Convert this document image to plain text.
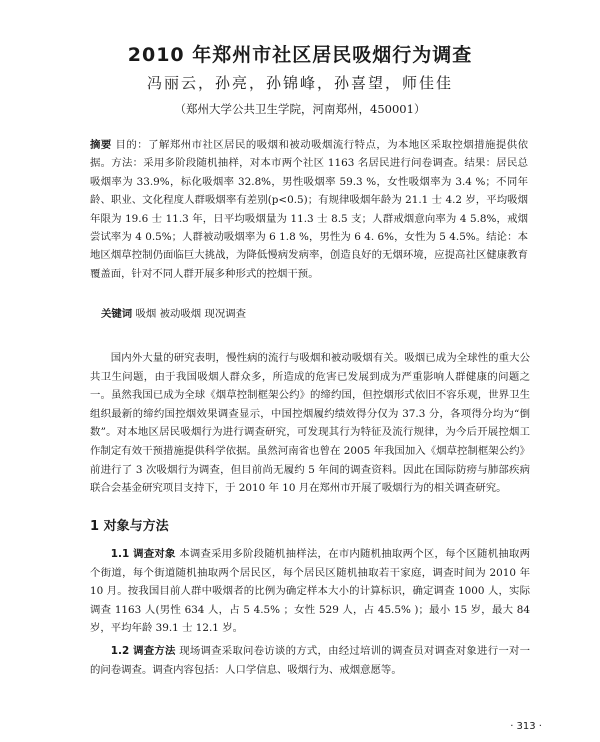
2010 年郑州市社区居民吸烟行为调查
冯丽云，孙亮，孙锦峰，孙喜望，师佳佳
（郑州大学公共卫生学院，河南郑州，450001）
摘要 目的：了解郑州市社区居民的吸烟和被动吸烟流行特点，为本地区采取控烟措施提供依据。方法：采用多阶段随机抽样，对本市两个社区 1163 名居民进行问卷调查。结果：居民总吸烟率为 33.9%，标化吸烟率 32.8%，男性吸烟率 59.3 %，女性吸烟率为 3.4 %；不同年龄、职业、文化程度人群吸烟率有差别(p<0.5)；有规律吸烟年龄为 21.1 士 4.2 岁，平均吸烟年限为 19.6 士 11.3 年，日平均吸烟量为 11.3 士 8.5 支；人群戒烟意向率为 4 5.8%，戒烟尝试率为 4 0.5%；人群被动吸烟率为 6 1.8 %，男性为 6 4. 6%，女性为 5 4.5%。结论：本地区烟草控制仍面临巨大挑战，为降低慢病发病率，创造良好的无烟环境，应提高社区健康教育覆盖面，针对不同人群开展多种形式的控烟干预。
关键词 吸烟 被动吸烟 现况调查
国内外大量的研究表明，慢性病的流行与吸烟和被动吸烟有关。吸烟已成为全球性的重大公共卫生问题，由于我国吸烟人群众多，所造成的危害已发展到成为严重影响人群健康的问题之一。虽然我国已成为全球《烟草控制框架公约》的缔约国，但控烟形式依旧不容乐观，世界卫生组织最新的缔约国控烟效果调查显示，中国控烟履约绩效得分仅为 37.3 分，各项得分均为“倒数”。对本地区居民吸烟行为进行调查研究，可发现其行为特征及流行规律，为今后开展控烟工作制定有效干预措施提供科学依据。虽然河南省也曾在 2005 年我国加入《烟草控制框架公约》前进行了 3 次吸烟行为调查，但目前尚无履约 5 年间的调查资料。因此在国际防痨与肺部疾病联合会基金研究项目支持下，于 2010 年 10 月在郑州市开展了吸烟行为的相关调查研究。
1 对象与方法
1.1 调查对象 本调查采用多阶段随机抽样法，在市内随机抽取两个区，每个区随机抽取两个街道，每个街道随机抽取两个居民区，每个居民区随机抽取若干家庭，调查时间为 2010 年 10 月。按我国目前人群中吸烟者的比例为确定样本大小的计算标识，确定调查 1000 人，实际调查 1163 人(男性 634 人，占 5 4.5% ；女性 529 人，占 45.5% )；最小 15 岁，最大 84 岁，平均年龄 39.1 士 12.1 岁。
1.2 调查方法 现场调查采取问卷访谈的方式，由经过培训的调查员对调查对象进行一对一的问卷调查。调查内容包括：人口学信息、吸烟行为、戒烟意愿等。
· 313 ·
